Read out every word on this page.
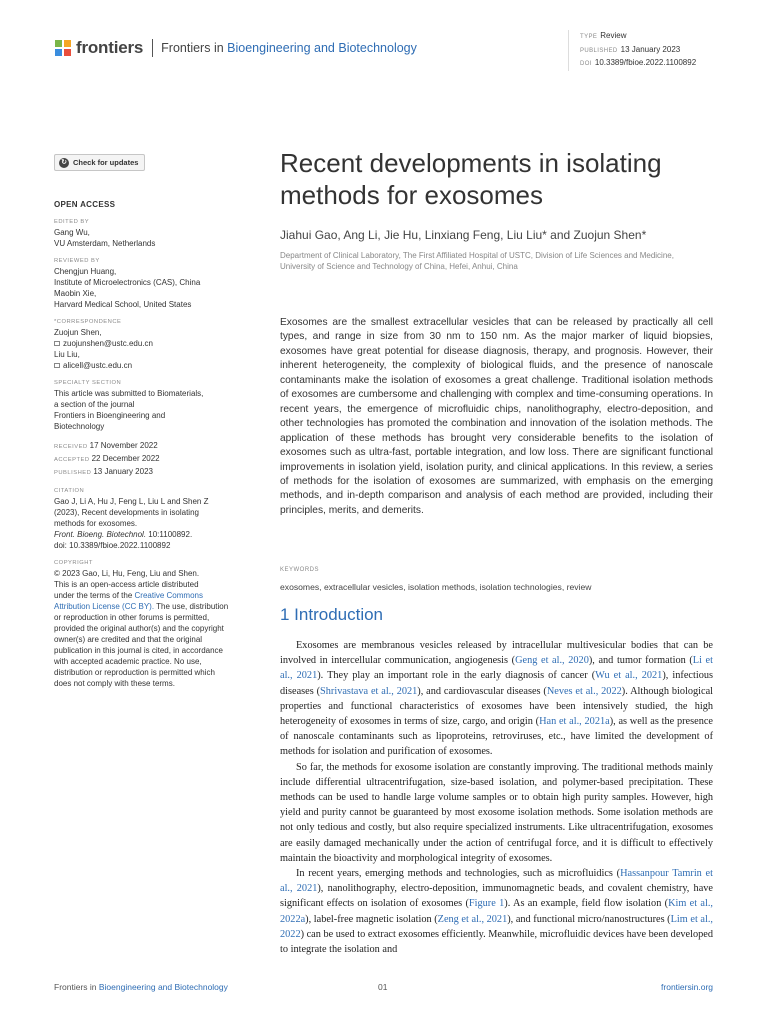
frontiers Frontiers in Bioengineering and Biotechnology
TYPE Review
PUBLISHED 13 January 2023
DOI 10.3389/fbioe.2022.1100892
↻ Check for updates
OPEN ACCESS
EDITED BY
Gang Wu,
VU Amsterdam, Netherlands
REVIEWED BY
Chengjun Huang,
Institute of Microelectronics (CAS), China
Maobin Xie,
Harvard Medical School, United States
*CORRESPONDENCE
Zuojun Shen,
zuojunshen@ustc.edu.cn
Liu Liu,
alicell@ustc.edu.cn
SPECIALTY SECTION
This article was submitted to Biomaterials,
a section of the journal
Frontiers in Bioengineering and
Biotechnology
RECEIVED 17 November 2022
ACCEPTED 22 December 2022
PUBLISHED 13 January 2023
CITATION
Gao J, Li A, Hu J, Feng L, Liu L and Shen Z
(2023), Recent developments in isolating
methods for exosomes.
Front. Bioeng. Biotechnol. 10:1100892.
doi: 10.3389/fbioe.2022.1100892
COPYRIGHT
© 2023 Gao, Li, Hu, Feng, Liu and Shen.
This is an open-access article distributed
under the terms of the Creative Commons Attribution License (CC BY). The use, distribution or reproduction in other forums is permitted, provided the original author(s) and the copyright owner(s) are credited and that the original publication in this journal is cited, in accordance with accepted academic practice. No use, distribution or reproduction is permitted which does not comply with these terms.
Recent developments in isolating methods for exosomes
Jiahui Gao, Ang Li, Jie Hu, Linxiang Feng, Liu Liu* and Zuojun Shen*
Department of Clinical Laboratory, The First Affiliated Hospital of USTC, Division of Life Sciences and Medicine, University of Science and Technology of China, Hefei, Anhui, China

Exosomes are the smallest extracellular vesicles that can be released by practically all cell types, and range in size from 30 nm to 150 nm. As the major marker of liquid biopsies, exosomes have great potential for disease diagnosis, therapy, and prognosis. However, their inherent heterogeneity, the complexity of biological fluids, and the presence of nanoscale contaminants make the isolation of exosomes a great challenge. Traditional isolation methods of exosomes are cumbersome and challenging with complex and time-consuming operations. In recent years, the emergence of microfluidic chips, nanolithography, electro-deposition, and other technologies has promoted the combination and innovation of the isolation methods. The application of these methods has brought very considerable benefits to the isolation of exosomes such as ultra-fast, portable integration, and low loss. There are significant functional improvements in isolation yield, isolation purity, and clinical applications. In this review, a series of methods for the isolation of exosomes are summarized, with emphasis on the emerging methods, and in-depth comparison and analysis of each method are provided, including their principles, merits, and demerits.

KEYWORDS
exosomes, extracellular vesicles, isolation methods, isolation technologies, review
1 Introduction

Exosomes are membranous vesicles released by intracellular multivesicular bodies that can be involved in intercellular communication, angiogenesis (Geng et al., 2020), and tumor formation (Li et al., 2021). They play an important role in the early diagnosis of cancer (Wu et al., 2021), infectious diseases (Shrivastava et al., 2021), and cardiovascular diseases (Neves et al., 2022). Although biological properties and functional characteristics of exosomes have been intensively studied, the high heterogeneity of exosomes in terms of size, cargo, and origin (Han et al., 2021a), as well as the presence of nanoscale contaminants such as lipoproteins, retroviruses, etc., have limited the development of methods for isolation and purification of exosomes.

So far, the methods for exosome isolation are constantly improving. The traditional methods mainly include differential ultracentrifugation, size-based isolation, and polymer-based precipitation. These methods can be used to handle large volume samples or to obtain high purity samples. However, high yield and purity cannot be guaranteed by most exosome isolation methods. Some isolation methods are not only tedious and costly, but also require specialized instruments. Like ultracentrifugation, exosomes are easily damaged mechanically under the action of centrifugal force, and it is difficult to effectively maintain the bioactivity and morphological integrity of exosomes.

In recent years, emerging methods and technologies, such as microfluidics (Hassanpour Tamrin et al., 2021), nanolithography, electro-deposition, immunomagnetic beads, and covalent chemistry, have significant effects on isolation of exosomes (Figure 1). As an example, field flow isolation (Kim et al., 2022a), label-free magnetic isolation (Zeng et al., 2021), and functional micro/nanostructures (Lim et al., 2022) can be used to extract exosomes efficiently. Meanwhile, microfluidic devices have been developed to integrate the isolation and

Frontiers in Bioengineering and Biotechnology	01	frontiersin.org
